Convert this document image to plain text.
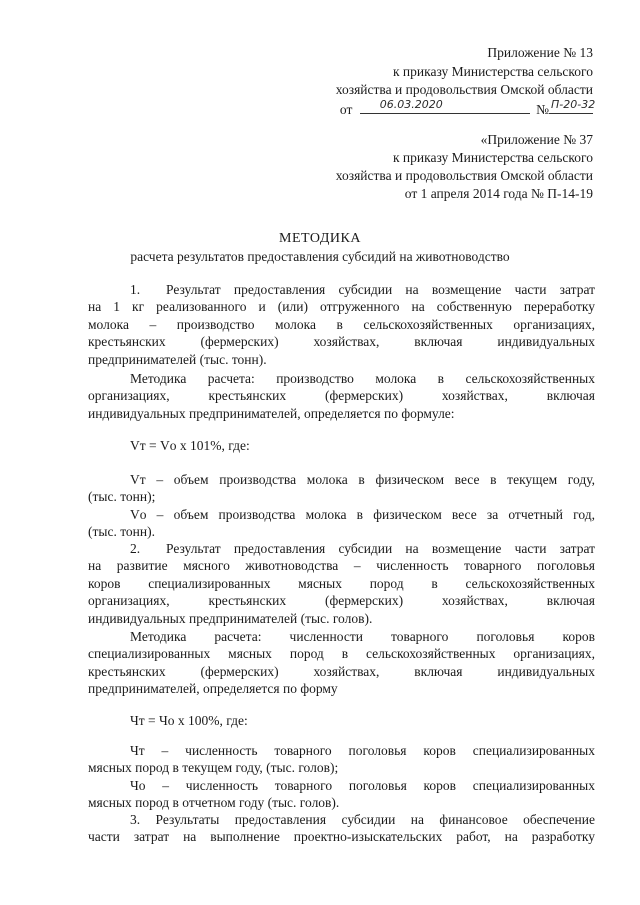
Приложение № 13
к приказу Министерства сельского
хозяйства и продовольствия Омской области
от 06.03.2020	№ П-20-32
«Приложение № 37
к приказу Министерства сельского
хозяйства и продовольствия Омской области
от 1 апреля 2014 года № П-14-19
МЕТОДИКА
расчета результатов предоставления субсидий на животноводство
1. Результат предоставления субсидии на возмещение части затрат
на 1 кг реализованного и (или) отгруженного на собственную переработку
молока – производство молока в сельскохозяйственных организациях,
крестьянских (фермерских) хозяйствах, включая индивидуальных
предпринимателей (тыс. тонн).
Методика расчета: производство молока в сельскохозяйственных
организациях, крестьянских (фермерских) хозяйствах, включая
индивидуальных предпринимателей, определяется по формуле:
Vт = Vо х 101%, где:
Vт – объем производства молока в физическом весе в текущем году,
(тыс. тонн);
Vо – объем производства молока в физическом весе за отчетный год,
(тыс. тонн).
2. Результат предоставления субсидии на возмещение части затрат
на развитие мясного животноводства – численность товарного поголовья
коров специализированных мясных пород в сельскохозяйственных
организациях, крестьянских (фермерских) хозяйствах, включая
индивидуальных предпринимателей (тыс. голов).
Методика расчета: численности товарного поголовья коров
специализированных мясных пород в сельскохозяйственных организациях,
крестьянских (фермерских) хозяйствах, включая индивидуальных
предпринимателей, определяется по форму
Чт = Чо х 100%, где:
Чт – численность товарного поголовья коров специализированных
мясных пород в текущем году, (тыс. голов);
Чо – численность товарного поголовья коров специализированных
мясных пород в отчетном году (тыс. голов).
3. Результаты предоставления субсидии на финансовое обеспечение
части затрат на выполнение проектно-изыскательских работ, на разработку
